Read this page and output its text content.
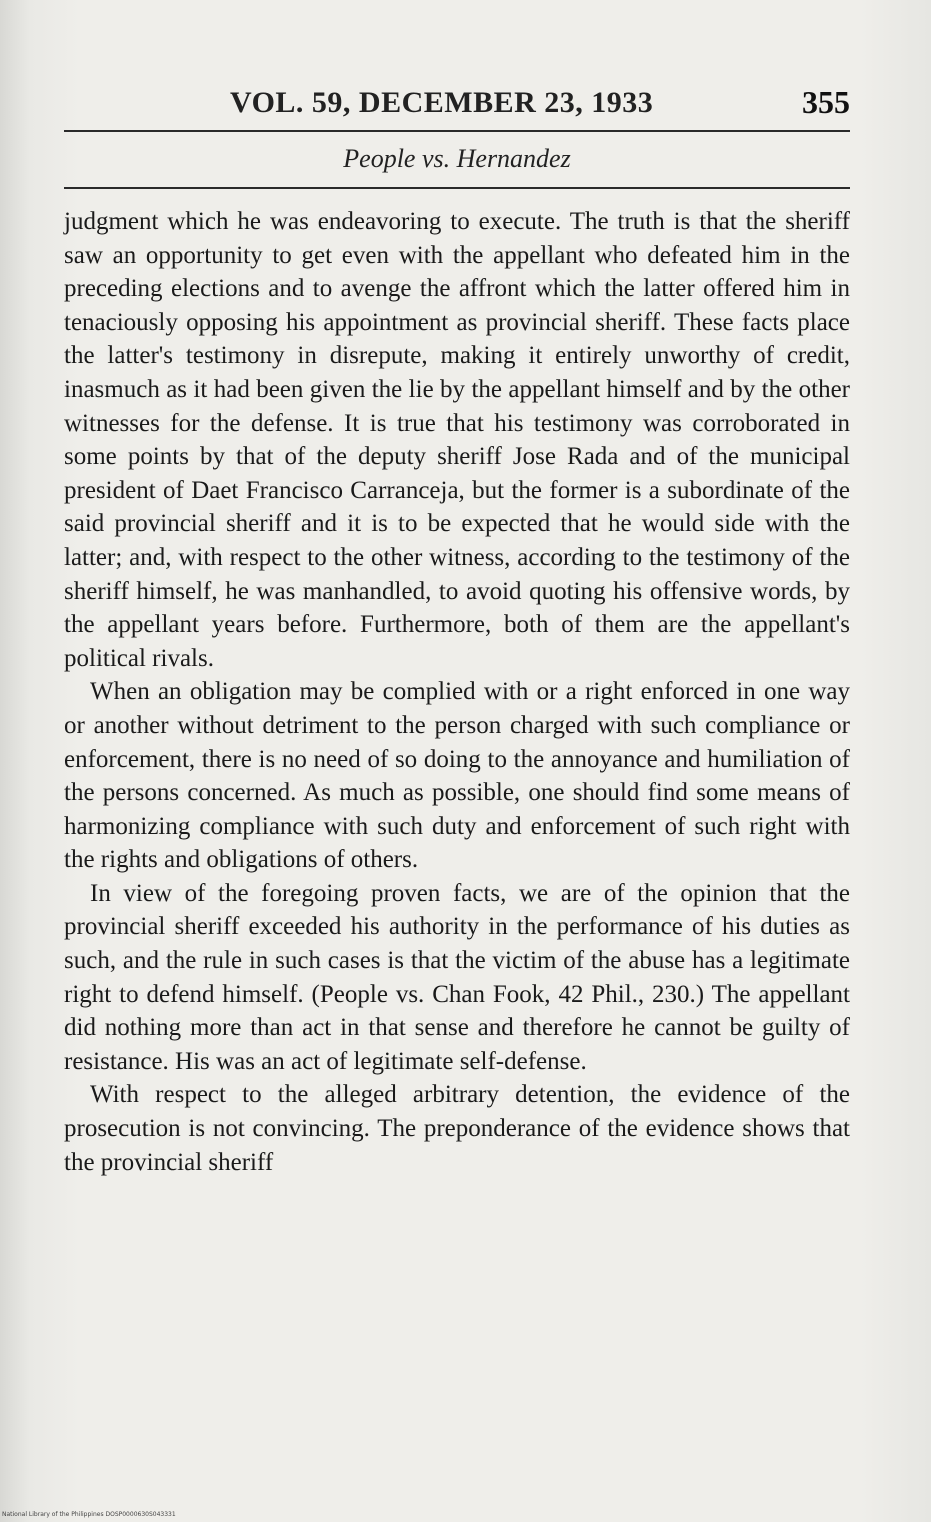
VOL. 59, DECEMBER 23, 1933	355
People vs. Hernandez

judgment which he was endeavoring to execute. The truth is that the sheriff saw an opportunity to get even with the appellant who defeated him in the preceding elections and to avenge the affront which the latter offered him in tenaciously opposing his appointment as provincial sheriff. These facts place the latter's testimony in disrepute, making it entirely unworthy of credit, inasmuch as it had been given the lie by the appellant himself and by the other witnesses for the defense. It is true that his testimony was corroborated in some points by that of the deputy sheriff Jose Rada and of the municipal president of Daet Francisco Carranceja, but the former is a subordinate of the said provincial sheriff and it is to be expected that he would side with the latter; and, with respect to the other witness, according to the testimony of the sheriff himself, he was manhandled, to avoid quoting his offensive words, by the appellant years before. Furthermore, both of them are the appellant's political rivals.

When an obligation may be complied with or a right enforced in one way or another without detriment to the person charged with such compliance or enforcement, there is no need of so doing to the annoyance and humiliation of the persons concerned. As much as possible, one should find some means of harmonizing compliance with such duty and enforcement of such right with the rights and obligations of others.

In view of the foregoing proven facts, we are of the opinion that the provincial sheriff exceeded his authority in the performance of his duties as such, and the rule in such cases is that the victim of the abuse has a legitimate right to defend himself. (People vs. Chan Fook, 42 Phil., 230.) The appellant did nothing more than act in that sense and therefore he cannot be guilty of resistance. His was an act of legitimate self-defense.

With respect to the alleged arbitrary detention, the evidence of the prosecution is not convincing. The preponderance of the evidence shows that the provincial sheriff

National Library of the Philippines DOSP0000630S043331
